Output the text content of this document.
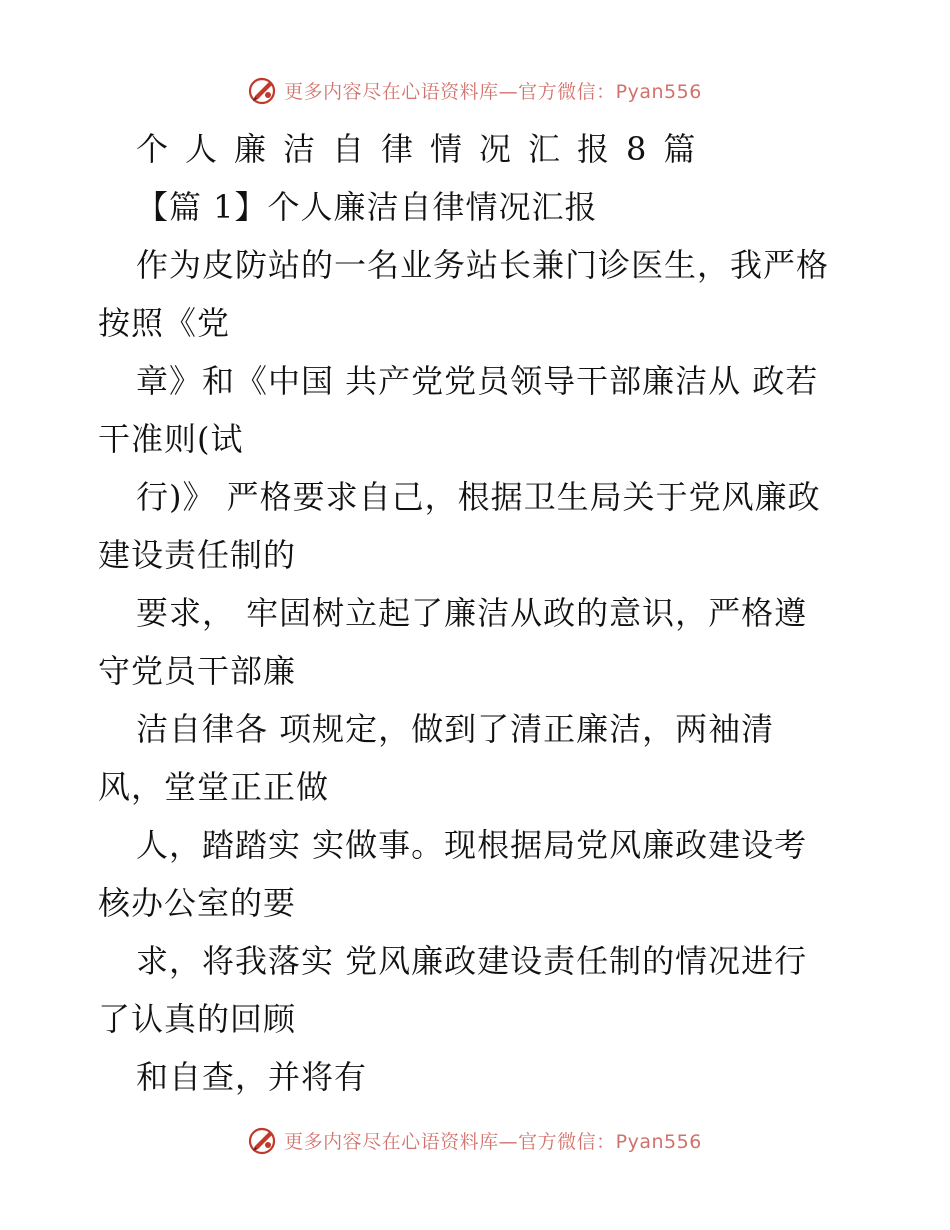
更多内容尽在心语资料库—官方微信：Pyan556
个人廉洁自律情况汇报8篇
【篇 1】个人廉洁自律情况汇报
作为皮防站的一名业务站长兼门诊医生，我严格
按照《党
章》和《中国 共产党党员领导干部廉洁从 政若
干准则(试
行)》 严格要求自己，根据卫生局关于党风廉政
建设责任制的
要求， 牢固树立起了廉洁从政的意识，严格遵
守党员干部廉
洁自律各 项规定，做到了清正廉洁，两袖清
风，堂堂正正做
人，踏踏实 实做事。现根据局党风廉政建设考
核办公室的要
求，将我落实 党风廉政建设责任制的情况进行
了认真的回顾
和自查，并将有
更多内容尽在心语资料库—官方微信：Pyan556
